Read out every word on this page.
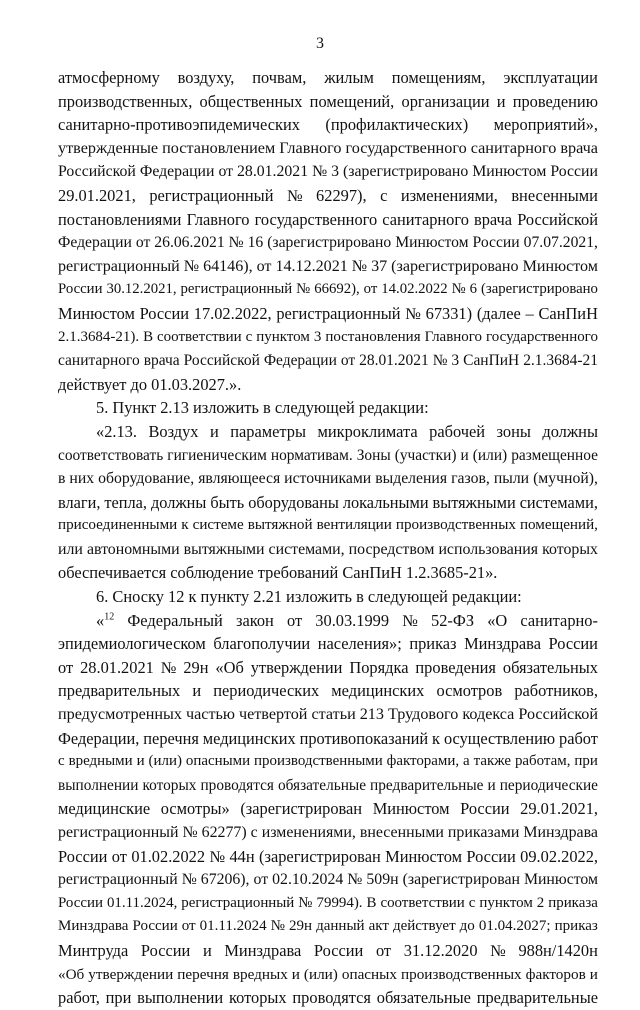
3
атмосферному воздуху, почвам, жилым помещениям, эксплуатации
производственных, общественных помещений, организации и проведению
санитарно-противоэпидемических (профилактических) мероприятий»,
утвержденные постановлением Главного государственного санитарного врача
Российской Федерации от 28.01.2021 № 3 (зарегистрировано Минюстом России
29.01.2021, регистрационный № 62297), с изменениями, внесенными
постановлениями Главного государственного санитарного врача Российской
Федерации от 26.06.2021 № 16 (зарегистрировано Минюстом России 07.07.2021,
регистрационный № 64146), от 14.12.2021 № 37 (зарегистрировано Минюстом
России 30.12.2021, регистрационный № 66692), от 14.02.2022 № 6 (зарегистрировано
Минюстом России 17.02.2022, регистрационный № 67331) (далее – СанПиН
2.1.3684-21). В соответствии с пунктом 3 постановления Главного государственного
санитарного врача Российской Федерации от 28.01.2021 № 3 СанПиН 2.1.3684-21
действует до 01.03.2027.».
5. Пункт 2.13 изложить в следующей редакции:
«2.13. Воздух и параметры микроклимата рабочей зоны должны
соответствовать гигиеническим нормативам. Зоны (участки) и (или) размещенное
в них оборудование, являющееся источниками выделения газов, пыли (мучной),
влаги, тепла, должны быть оборудованы локальными вытяжными системами,
присоединенными к системе вытяжной вентиляции производственных помещений,
или автономными вытяжными системами, посредством использования которых
обеспечивается соблюдение требований СанПиН 1.2.3685-21».
6. Сноску 12 к пункту 2.21 изложить в следующей редакции:
«$^{12}$ Федеральный закон от 30.03.1999 № 52-ФЗ «О санитарно-
эпидемиологическом благополучии населения»; приказ Минздрава России
от 28.01.2021 № 29н «Об утверждении Порядка проведения обязательных
предварительных и периодических медицинских осмотров работников,
предусмотренных частью четвертой статьи 213 Трудового кодекса Российской
Федерации, перечня медицинских противопоказаний к осуществлению работ
с вредными и (или) опасными производственными факторами, а также работам, при
выполнении которых проводятся обязательные предварительные и периодические
медицинские осмотры» (зарегистрирован Минюстом России 29.01.2021,
регистрационный № 62277) с изменениями, внесенными приказами Минздрава
России от 01.02.2022 № 44н (зарегистрирован Минюстом России 09.02.2022,
регистрационный № 67206), от 02.10.2024 № 509н (зарегистрирован Минюстом
России 01.11.2024, регистрационный № 79994). В соответствии с пунктом 2 приказа
Минздрава России от 01.11.2024 № 29н данный акт действует до 01.04.2027; приказ
Минтруда России и Минздрава России от 31.12.2020 № 988н/1420н
«Об утверждении перечня вредных и (или) опасных производственных факторов и
работ, при выполнении которых проводятся обязательные предварительные
